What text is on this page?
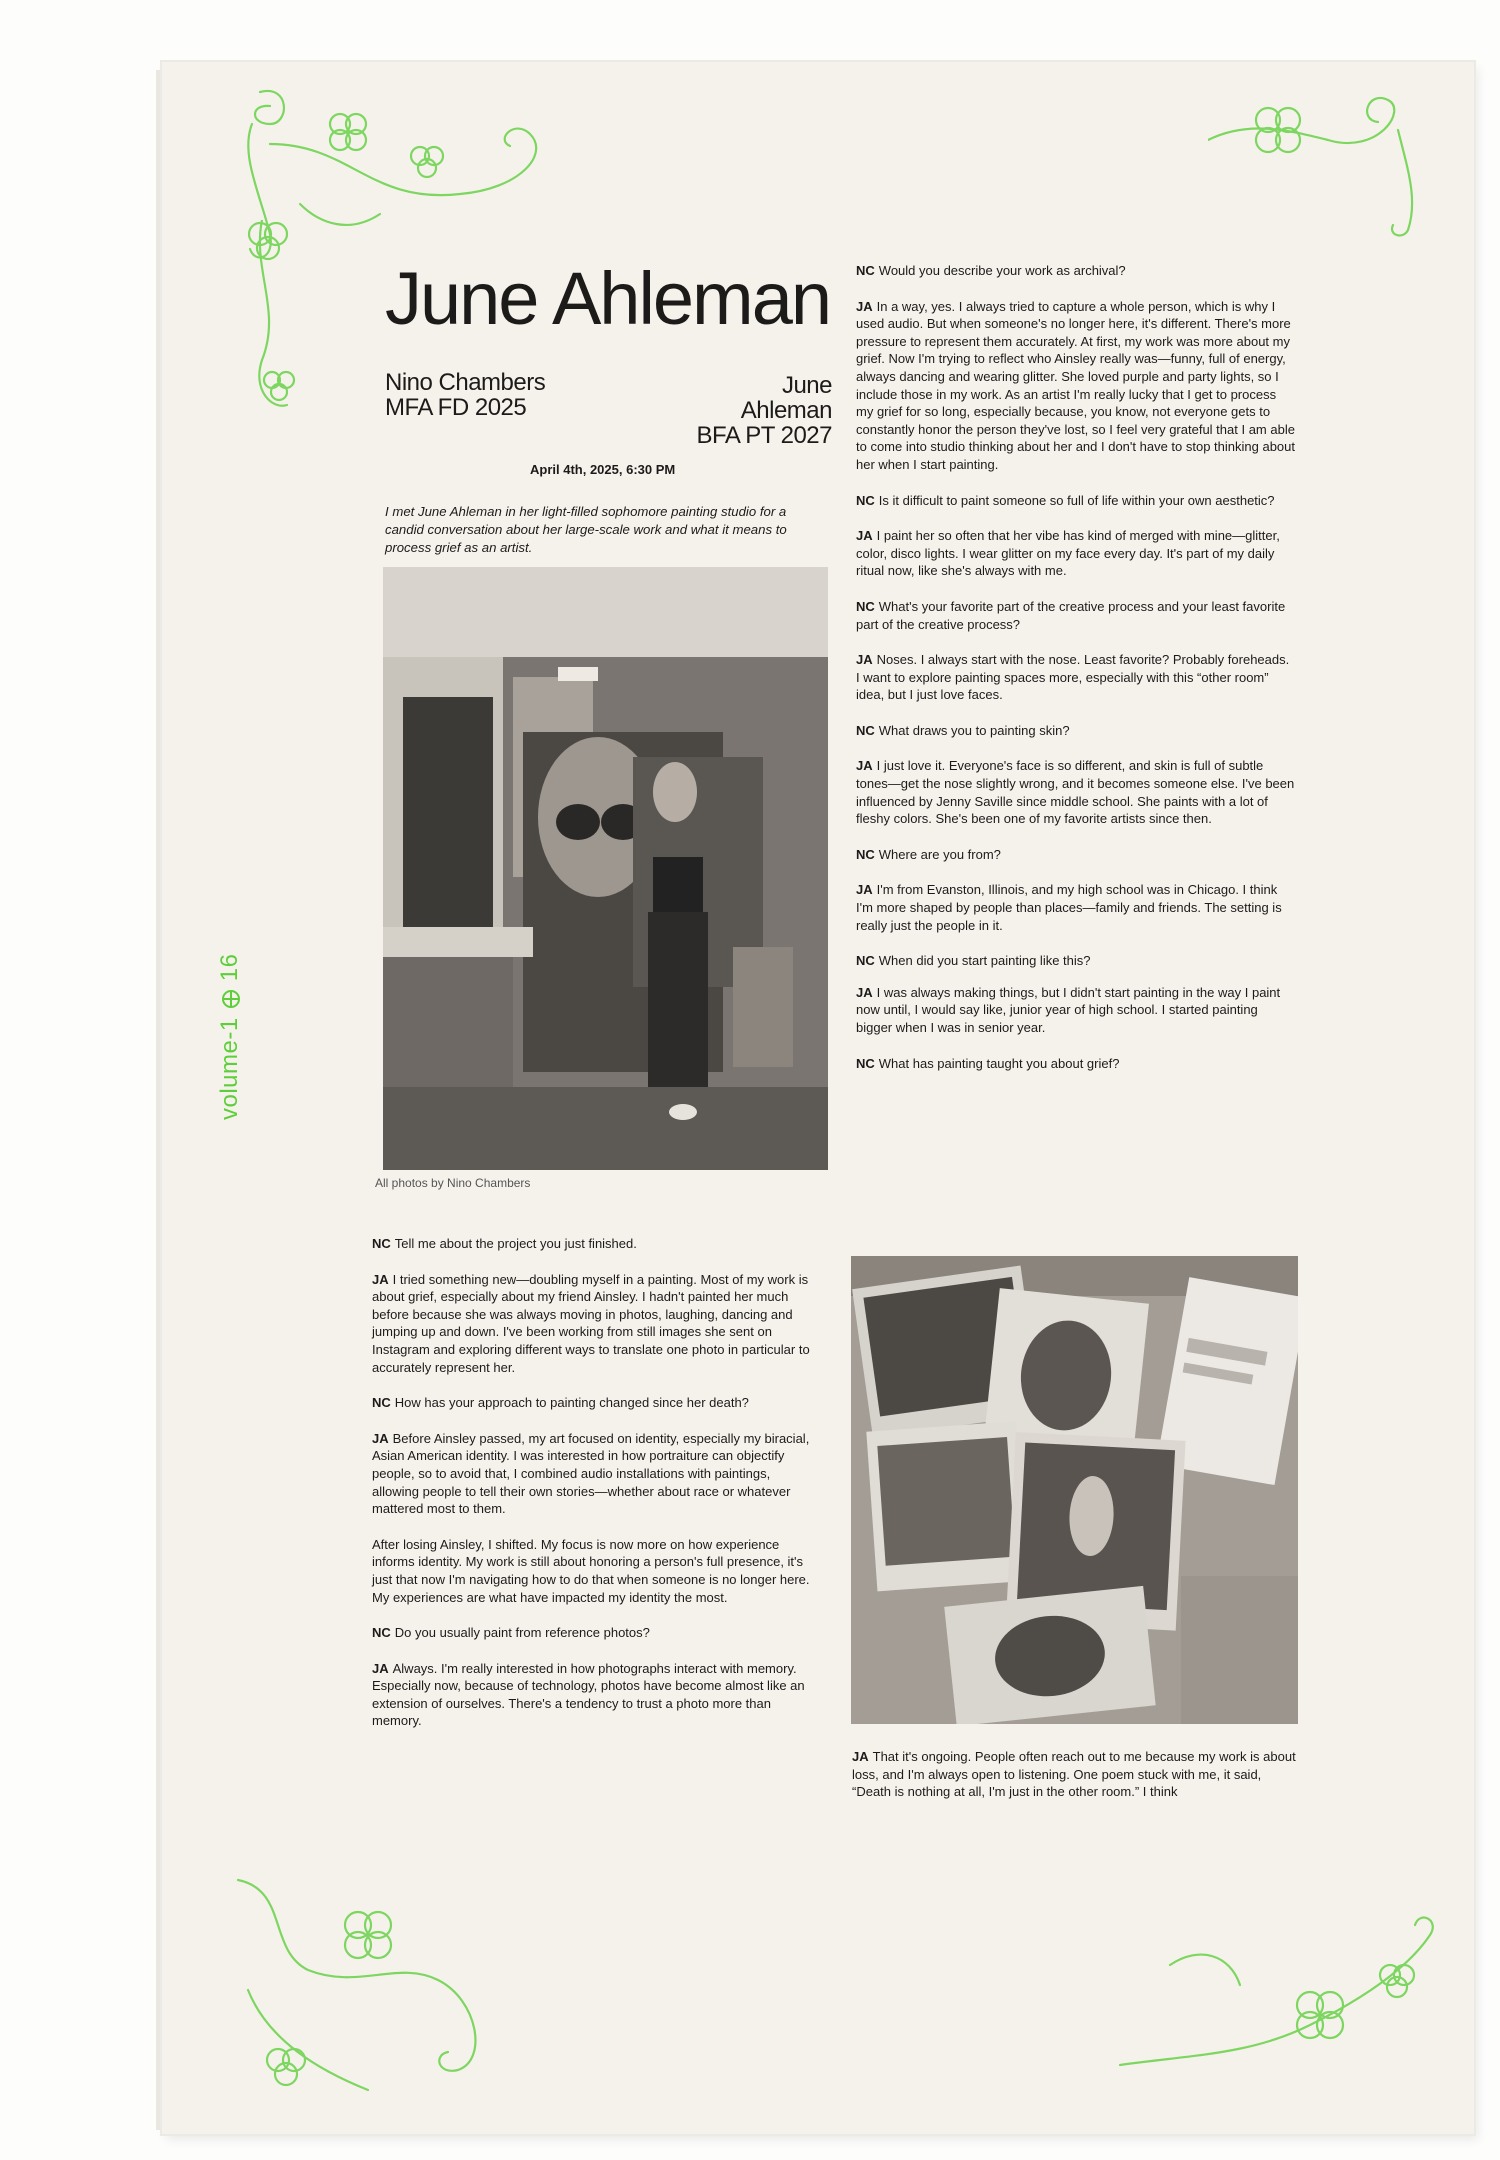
volume-1
16
June Ahleman
Nino Chambers
MFA FD 2025
June Ahleman
BFA PT 2027
April 4th, 2025, 6:30 PM
I met June Ahleman in her light-filled sophomore painting studio for a candid conversation about her large-scale work and what it means to process grief as an artist.
All photos by Nino Chambers

NC Tell me about the project you just finished.

JA I tried something new—doubling myself in a painting. Most of my work is about grief, especially about my friend Ainsley. I hadn't painted her much before because she was always moving in photos, laughing, dancing and jumping up and down. I've been working from still images she sent on Instagram and exploring different ways to translate one photo in particular to accurately represent her.

NC How has your approach to painting changed since her death?

JA Before Ainsley passed, my art focused on identity, especially my biracial, Asian American identity. I was interested in how portraiture can objectify people, so to avoid that, I combined audio installations with paintings, allowing people to tell their own stories—whether about race or whatever mattered most to them.

After losing Ainsley, I shifted. My focus is now more on how experience informs identity. My work is still about honoring a person's full presence, it's just that now I'm navigating how to do that when someone is no longer here. My experiences are what have impacted my identity the most.

NC Do you usually paint from reference photos?

JA Always. I'm really interested in how photographs interact with memory. Especially now, because of technology, photos have become almost like an extension of ourselves. There's a tendency to trust a photo more than memory.

NC Would you describe your work as archival?

JA In a way, yes. I always tried to capture a whole person, which is why I used audio. But when someone's no longer here, it's different. There's more pressure to represent them accurately. At first, my work was more about my grief. Now I'm trying to reflect who Ainsley really was—funny, full of energy, always dancing and wearing glitter. She loved purple and party lights, so I include those in my work. As an artist I'm really lucky that I get to process my grief for so long, especially because, you know, not everyone gets to constantly honor the person they've lost, so I feel very grateful that I am able to come into studio thinking about her and I don't have to stop thinking about her when I start painting.

NC Is it difficult to paint someone so full of life within your own aesthetic?

JA I paint her so often that her vibe has kind of merged with mine—glitter, color, disco lights. I wear glitter on my face every day. It's part of my daily ritual now, like she's always with me.

NC What's your favorite part of the creative process and your least favorite part of the creative process?

JA Noses. I always start with the nose. Least favorite? Probably foreheads. I want to explore painting spaces more, especially with this “other room” idea, but I just love faces.

NC What draws you to painting skin?

JA I just love it. Everyone's face is so different, and skin is full of subtle tones—get the nose slightly wrong, and it becomes someone else. I've been influenced by Jenny Saville since middle school. She paints with a lot of fleshy colors. She's been one of my favorite artists since then.

NC Where are you from?

JA I'm from Evanston, Illinois, and my high school was in Chicago. I think I'm more shaped by people than places—family and friends. The setting is really just the people in it.

NC When did you start painting like this?

JA I was always making things, but I didn't start painting in the way I paint now until, I would say like, junior year of high school. I started painting bigger when I was in senior year.

NC What has painting taught you about grief?

JA That it's ongoing. People often reach out to me because my work is about loss, and I'm always open to listening. One poem stuck with me, it said, “Death is nothing at all, I'm just in the other room.” I think
